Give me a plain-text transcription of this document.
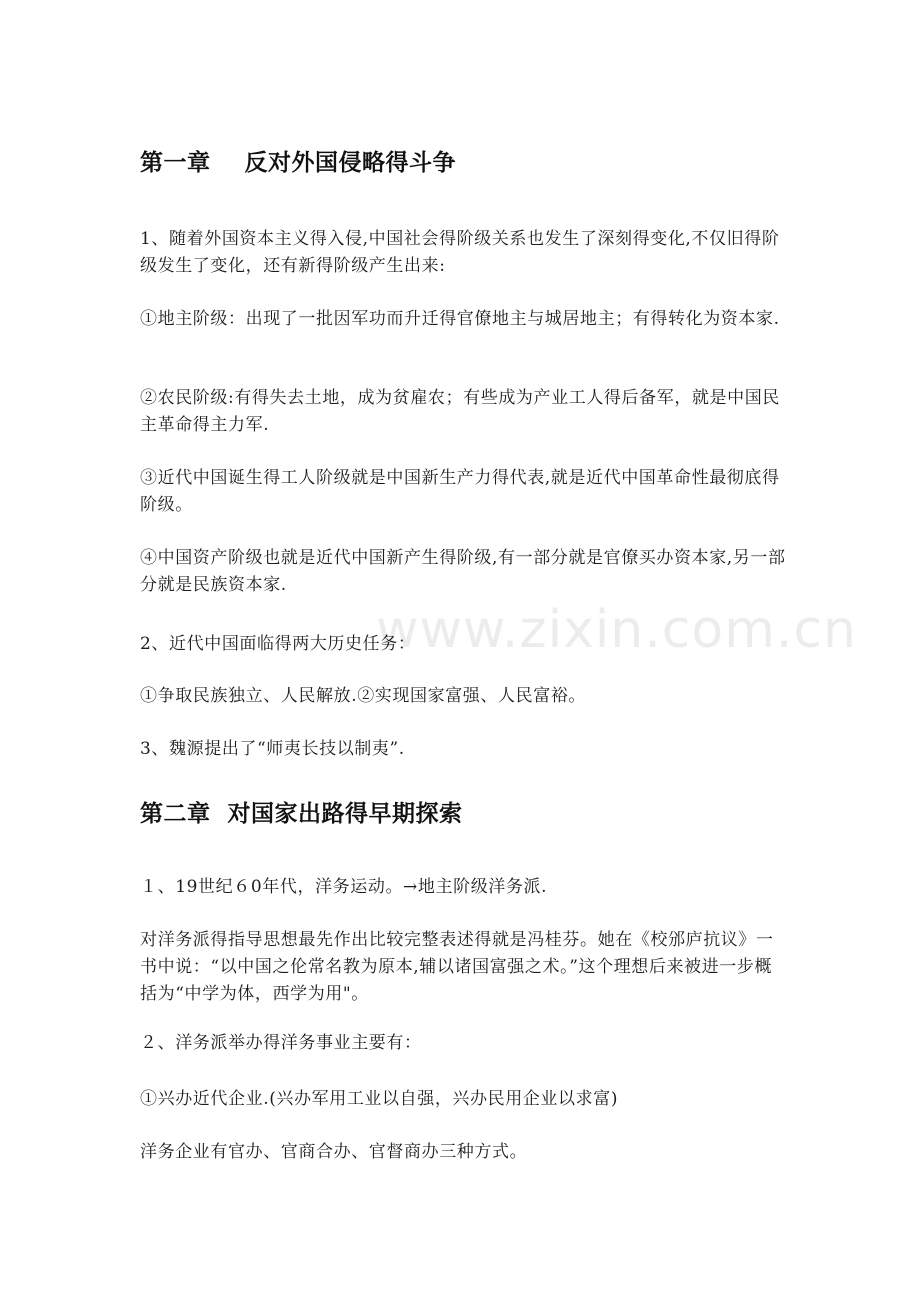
www.zixin.com.cn
第一章    反对外国侵略得斗争

1、随着外国资本主义得入侵,中国社会得阶级关系也发生了深刻得变化,不仅旧得阶级发生了变化，还有新得阶级产生出来:

①地主阶级：出现了一批因军功而升迁得官僚地主与城居地主；有得转化为资本家.

②农民阶级:有得失去土地，成为贫雇农；有些成为产业工人得后备军，就是中国民主革命得主力军.

③近代中国诞生得工人阶级就是中国新生产力得代表,就是近代中国革命性最彻底得阶级。

④中国资产阶级也就是近代中国新产生得阶级,有一部分就是官僚买办资本家,另一部分就是民族资本家.

2、近代中国面临得两大历史任务：

①争取民族独立、人民解放.②实现国家富强、人民富裕。

3、魏源提出了“师夷长技以制夷”.

第二章  对国家出路得早期探索

１、19世纪６0年代，洋务运动。→地主阶级洋务派.

对洋务派得指导思想最先作出比较完整表述得就是冯桂芬。她在《校邠庐抗议》一书中说：“以中国之伦常名教为原本,辅以诸国富强之术。”这个理想后来被进一步概括为“中学为体，西学为用"。

２、洋务派举办得洋务事业主要有：

①兴办近代企业.(兴办军用工业以自强，兴办民用企业以求富)

洋务企业有官办、官商合办、官督商办三种方式。
